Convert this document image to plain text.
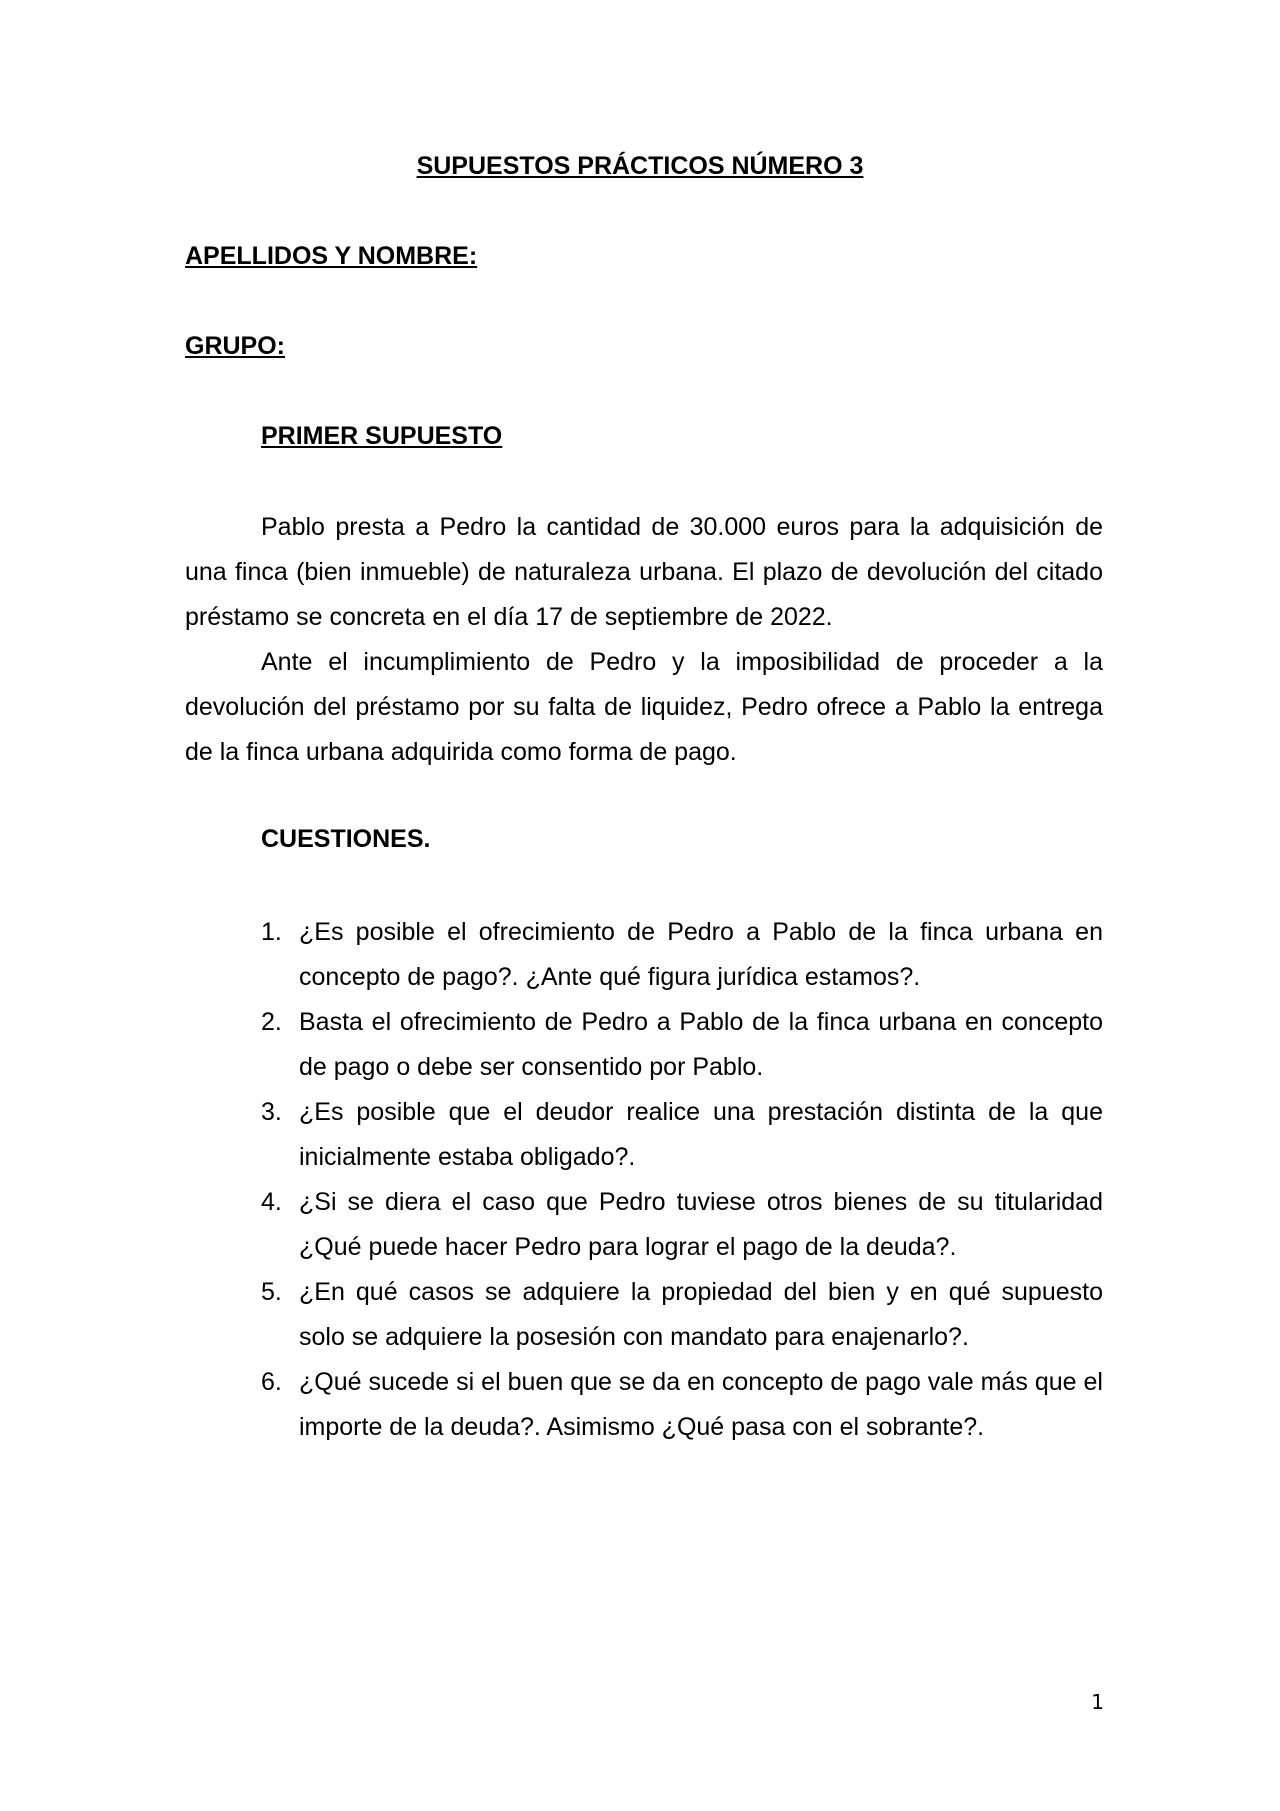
SUPUESTOS PRÁCTICOS NÚMERO 3
APELLIDOS Y NOMBRE:
GRUPO:
PRIMER SUPUESTO
Pablo presta a Pedro la cantidad de 30.000 euros para la adquisición de una finca (bien inmueble) de naturaleza urbana. El plazo de devolución del citado préstamo se concreta en el día 17 de septiembre de 2022.
Ante el incumplimiento de Pedro y la imposibilidad de proceder a la devolución del préstamo por su falta de liquidez, Pedro ofrece a Pablo la entrega de la finca urbana adquirida como forma de pago.
CUESTIONES.
1. ¿Es posible el ofrecimiento de Pedro a Pablo de la finca urbana en concepto de pago?. ¿Ante qué figura jurídica estamos?.
2. Basta el ofrecimiento de Pedro a Pablo de la finca urbana en concepto de pago o debe ser consentido por Pablo.
3. ¿Es posible que el deudor realice una prestación distinta de la que inicialmente estaba obligado?.
4. ¿Si se diera el caso que Pedro tuviese otros bienes de su titularidad ¿Qué puede hacer Pedro para lograr el pago de la deuda?.
5. ¿En qué casos se adquiere la propiedad del bien y en qué supuesto solo se adquiere la posesión con mandato para enajenarlo?.
6. ¿Qué sucede si el buen que se da en concepto de pago vale más que el importe de la deuda?. Asimismo ¿Qué pasa con el sobrante?.
1
